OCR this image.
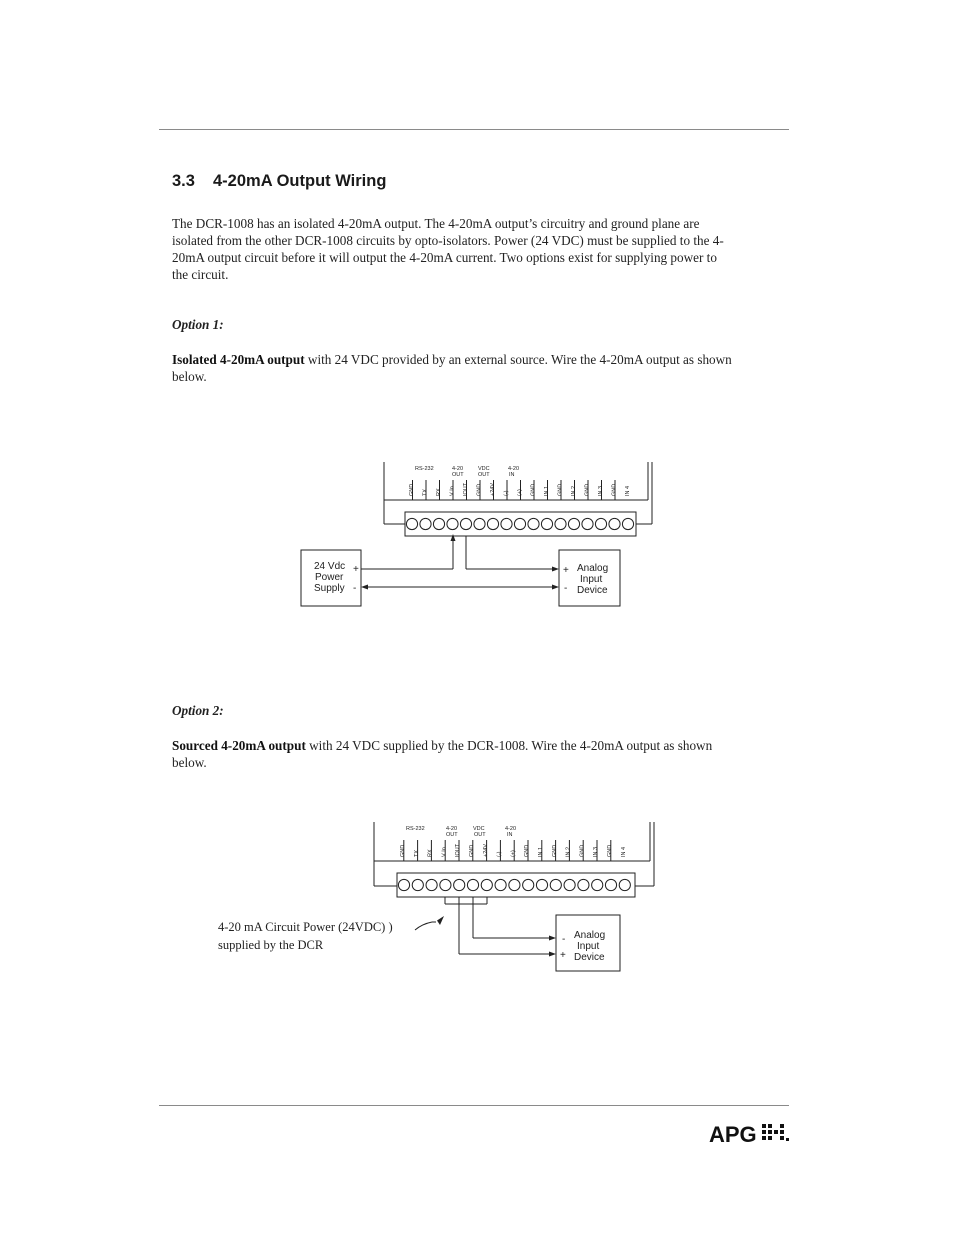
3.3 4-20mA Output Wiring

The DCR-1008 has an isolated 4-20mA output. The 4-20mA output’s circuitry and ground plane are
isolated from the other DCR-1008 circuits by opto-isolators. Power (24 VDC) must be supplied to the 4-
20mA output circuit before it will output the 4-20mA current. Two options exist for supplying power to
the circuit.

Option 1:

Isolated 4-20mA output with 24 VDC provided by an external source. Wire the 4-20mA output as shown
below.

RS-232	4-20
OUT
VDC
OUT
4-20
IN
GND TX RX V In IOUT GND +24V (-) (+) GND IN 1 GND IN 2 GND IN 3 GND IN 4
24 Vdc
Power
Supply
+
-
+
-
Analog
Input
Device
Option 2:

Sourced 4-20mA output with 24 VDC supplied by the DCR-1008. Wire the 4-20mA output as shown
below.

RS-232	4-20
OUT
VDC
OUT
4-20
IN
GND TX RX V In IOUT GND +24V (-) (+) GND IN 1 GND IN 2 GND IN 3 GND IN 4
4-20 mA Circuit Power (24VDC) )
supplied by the DCR	-
+
Analog
Input
Device
APG
